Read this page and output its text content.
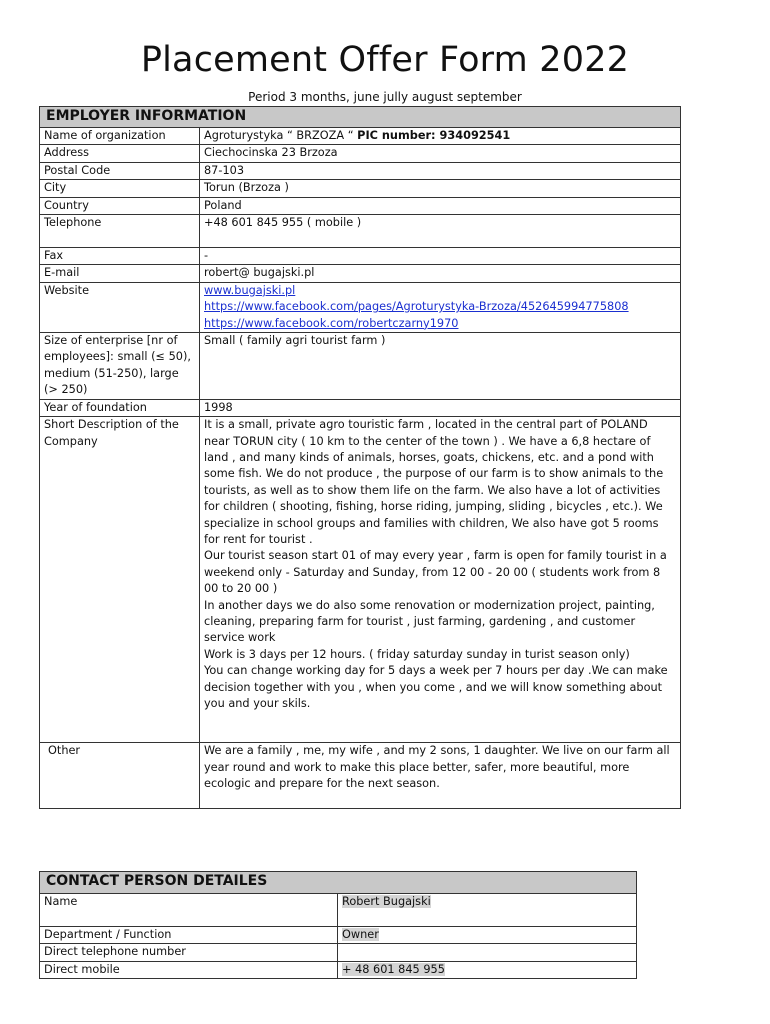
Placement Offer Form 2022
Period 3 months, june jully august september
EMPLOYER INFORMATION	
Name of organization	Agroturystyka “ BRZOZA “ PIC number: 934092541
Address	Ciechocinska 23 Brzoza
Postal Code	87-103
City	Torun (Brzoza )
Country	Poland
Telephone	+48 601 845 955 ( mobile )
Fax	-
E-mail	robert@ bugajski.pl
Website	www.bugajski.pl
https://www.facebook.com/pages/Agroturystyka-Brzoza/452645994775808
https://www.facebook.com/robertczarny1970
Size of enterprise [nr of employees]: small (≤ 50), medium (51-250), large (> 250)	Small ( family agri tourist farm )
Year of foundation	1998
Short Description of the Company	It is a small, private agro touristic farm , located in the central part of POLAND near TORUN city ( 10 km to the center of the town ) . We have a 6,8 hectare of land , and many kinds of animals, horses, goats, chickens, etc. and a pond with some fish. We do not produce , the purpose of our farm is to show animals to the tourists, as well as to show them life on the farm. We also have a lot of activities for children ( shooting, fishing, horse riding, jumping, sliding , bicycles , etc.). We specialize in school groups and families with children, We also have got 5 rooms for rent for tourist .

Our tourist season start 01 of may every year , farm is open for family tourist in a weekend only - Saturday and Sunday, from 12 00 - 20 00 ( students work from 8 00 to 20 00 )

In another days we do also some renovation or modernization project, painting, cleaning, preparing farm for tourist , just farming, gardening , and customer service work

Work is 3 days per 12 hours. ( friday saturday sunday in turist season only)

You can change working day for 5 days a week per 7 hours per day .We can make decision together with you , when you come , and we will know something about you and your skils.

Other	We are a family , me, my wife , and my 2 sons, 1 daughter. We live on our farm all year round and work to make this place better, safer, more beautiful, more ecologic and prepare for the next season.
CONTACT PERSON DETAILES	
Name	Robert Bugajski
Department / Function	Owner
Direct telephone number	
Direct mobile	+ 48 601 845 955
